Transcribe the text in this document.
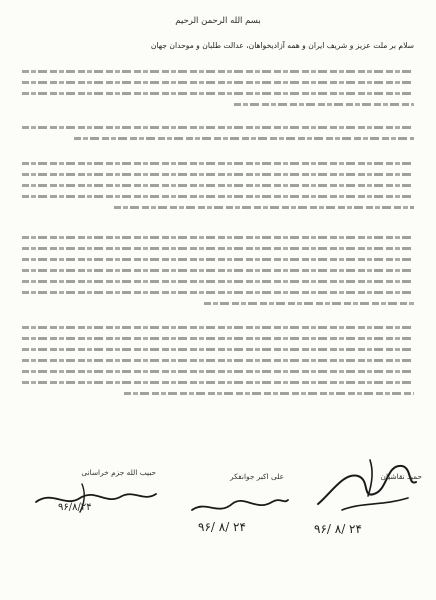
بسم الله الرحمن الرحيم
سلام بر ملت عزیز و شریف ایران و همه آزادیخواهان، عدالت طلبان و موحدان جهان
حمید نقاشیان
۹۶/ ۸/ ۲۴
علی اکبر جوانفکر
۹۶/ ۸/ ۲۴
حبیب الله جزم خراسانی
۹۶/۸/۲۴
